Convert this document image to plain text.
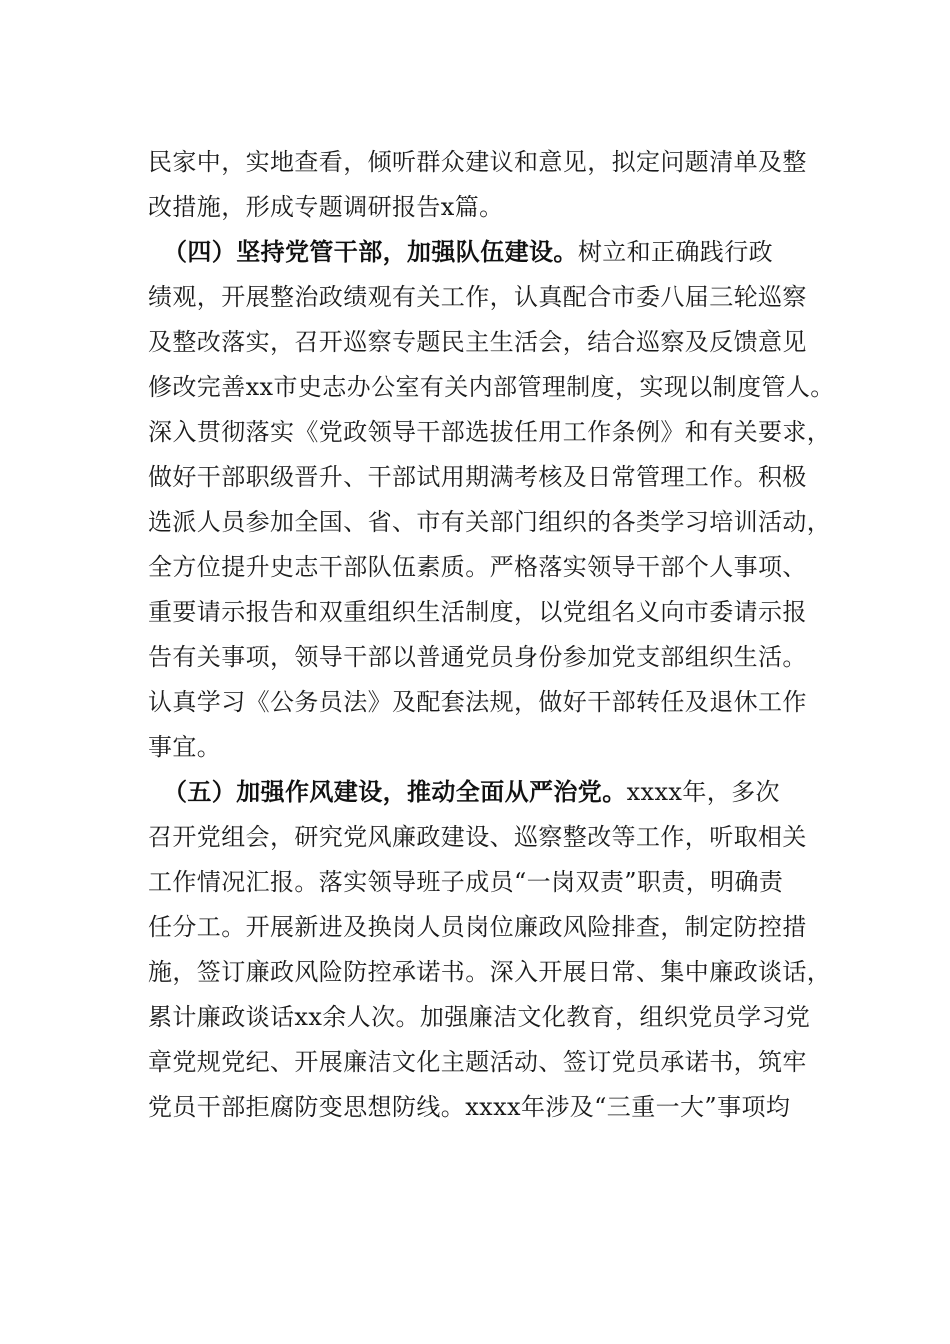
民家中，实地查看，倾听群众建议和意见，拟定问题清单及整
改措施，形成专题调研报告x篇。
（四）坚持党管干部，加强队伍建设。树立和正确践行政
绩观，开展整治政绩观有关工作，认真配合市委八届三轮巡察
及整改落实，召开巡察专题民主生活会，结合巡察及反馈意见
修改完善xx市史志办公室有关内部管理制度，实现以制度管人。
深入贯彻落实《党政领导干部选拔任用工作条例》和有关要求，
做好干部职级晋升、干部试用期满考核及日常管理工作。积极
选派人员参加全国、省、市有关部门组织的各类学习培训活动，
全方位提升史志干部队伍素质。严格落实领导干部个人事项、
重要请示报告和双重组织生活制度，以党组名义向市委请示报
告有关事项，领导干部以普通党员身份参加党支部组织生活。
认真学习《公务员法》及配套法规，做好干部转任及退休工作
事宜。
（五）加强作风建设，推动全面从严治党。xxxx年，多次
召开党组会，研究党风廉政建设、巡察整改等工作，听取相关
工作情况汇报。落实领导班子成员“一岗双责”职责，明确责
任分工。开展新进及换岗人员岗位廉政风险排查，制定防控措
施，签订廉政风险防控承诺书。深入开展日常、集中廉政谈话，
累计廉政谈话xx余人次。加强廉洁文化教育，组织党员学习党
章党规党纪、开展廉洁文化主题活动、签订党员承诺书，筑牢
党员干部拒腐防变思想防线。xxxx年涉及“三重一大”事项均
